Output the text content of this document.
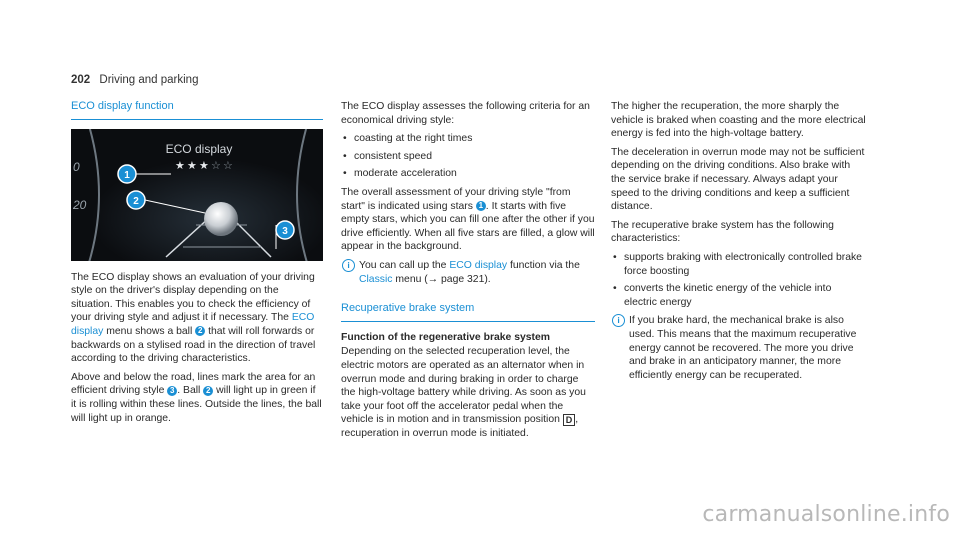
202 Driving and parking
ECO display function
★ ★ ★ ☆ ☆
ECO display
0
20
1
2
3

The ECO display shows an evaluation of your driving style on the driver's display depending on the situation. This enables you to check the efficiency of your driving style and adjust it if necessary. The ECO display menu shows a ball 2 that will roll forwards or backwards on a stylised road in the direction of travel according to the driving characteristics.

Above and below the road, lines mark the area for an efficient driving style 3 . Ball 2 will light up in green if it is rolling within these lines. Outside the lines, the ball will light up in orange.

The ECO display assesses the following criteria for an economical driving style:

• coasting at the right times
• consistent speed
• moderate acceleration

The overall assessment of your driving style "from start" is indicated using stars 1 . It starts with five empty stars, which you can fill one after the other if you drive efficiently. When all five stars are filled, a glow will appear in the background.

i You can call up the ECO display function via the Classic menu (→ page 321).
Recuperative brake system

Function of the regenerative brake system

Depending on the selected recuperation level, the electric motors are operated as an alternator when in overrun mode and during braking in order to charge the high-voltage battery while driving. As soon as you take your foot off the accelerator pedal when the vehicle is in motion and in transmission position D , recuperation in overrun mode is initiated.

The higher the recuperation, the more sharply the vehicle is braked when coasting and the more electrical energy is fed into the high-voltage battery.

The deceleration in overrun mode may not be sufficient depending on the driving conditions. Also brake with the service brake if necessary. Always adapt your speed to the driving conditions and keep a sufficient distance.

The recuperative brake system has the following characteristics:

• supports braking with electronically controlled brake force boosting
• converts the kinetic energy of the vehicle into electric energy
i If you brake hard, the mechanical brake is also used. This means that the maximum recuperative energy cannot be recovered. The more you drive and brake in an anticipatory manner, the more efficiently energy can be recuperated.
carmanualsonline.info
